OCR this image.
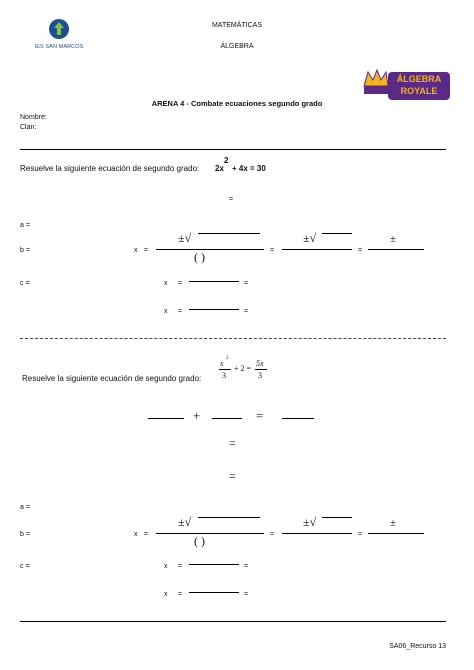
IES SAN MARCOS
MATEMÁTICAS
ÁLGEBRA
ÁLGEBRA
ROYALE
ARENA 4 - Combate ecuaciones segundo grado
Nombre:
Clan:
Resuelve la siguiente ecuación de segundo grado: 2x
2
+ 4x = 30
=
a =
b =
c =
x =
±√
( )	=
±√
=
±
x =	=
x =	=
Resuelve la siguiente ecuación de segundo grado:
x
2
3
+ 2 =
5x
3
+	=
=
=
a =
b =
c =
x =
±√
( )	=
±√
=
±
x =	=
x =	=
SA06_Recurso 13
